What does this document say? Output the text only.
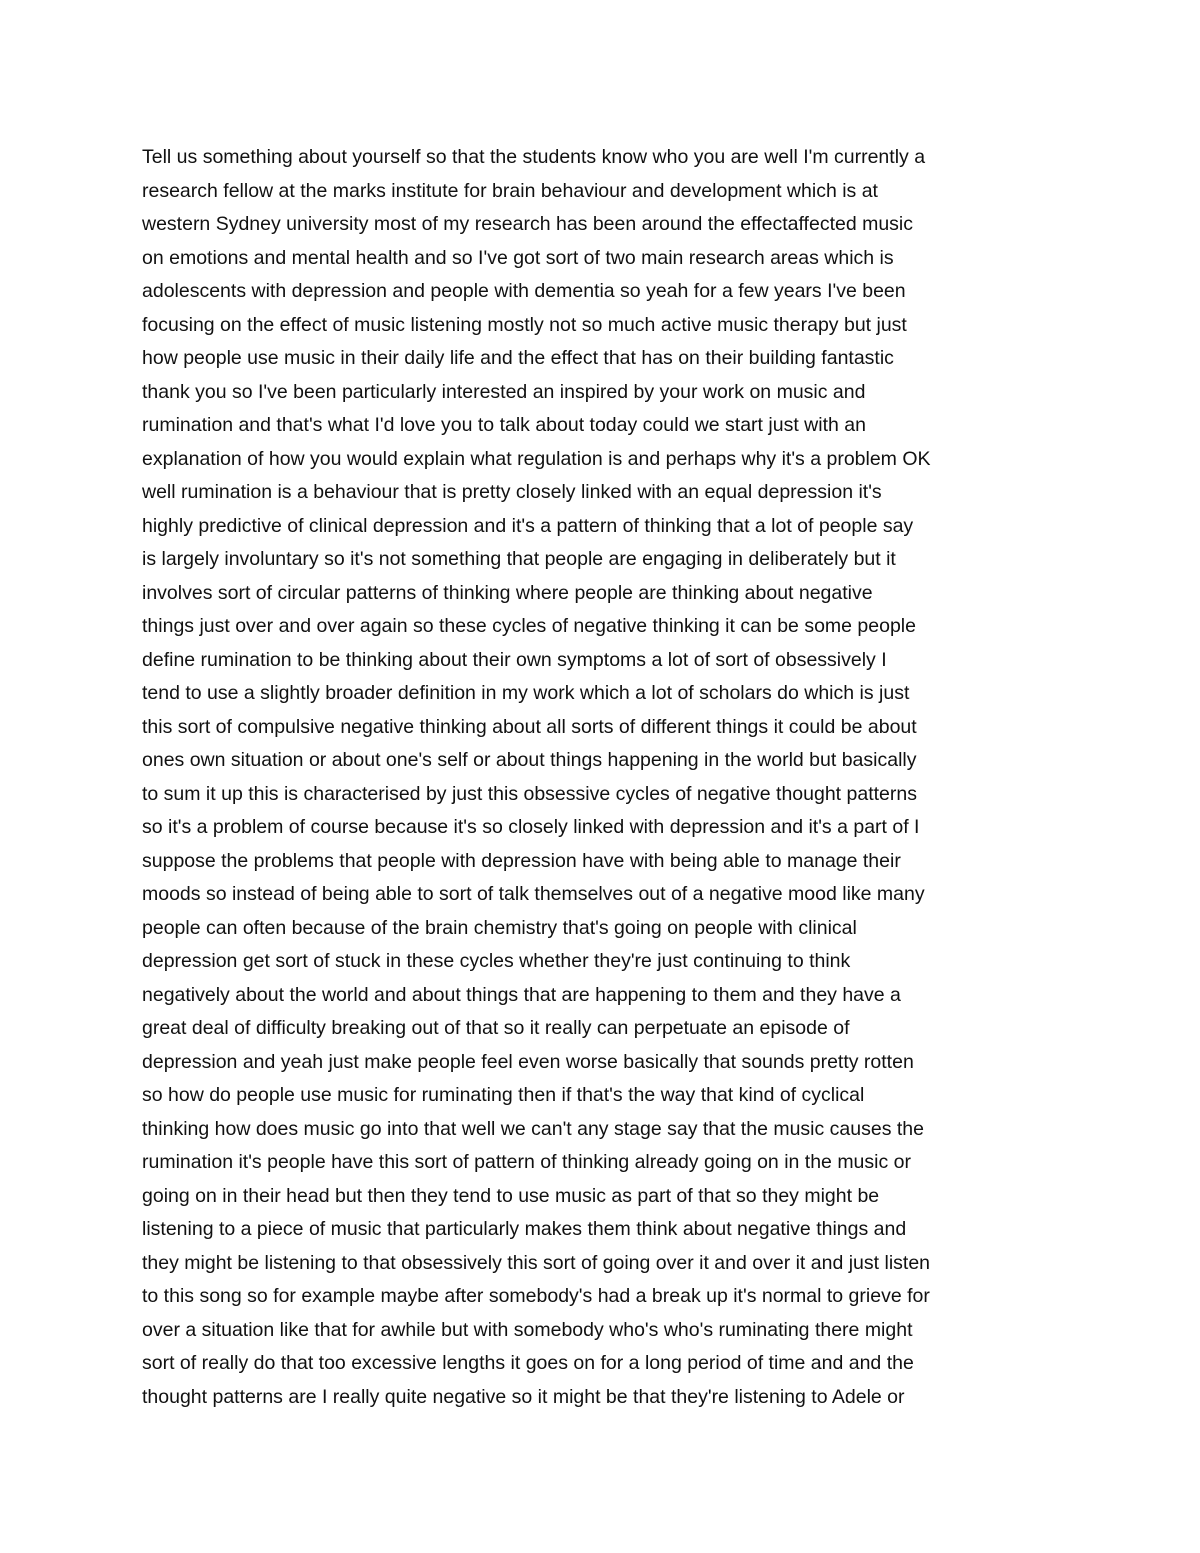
Tell us something about yourself so that the students know who you are well I'm currently a
research fellow at the marks institute for brain behaviour and development which is at
western Sydney university most of my research has been around the effectaffected music
on emotions and mental health and so I've got sort of two main research areas which is
adolescents with depression and people with dementia so yeah for a few years I've been
focusing on the effect of music listening mostly not so much active music therapy but just
how people use music in their daily life and the effect that has on their building fantastic
thank you so I've been particularly interested an inspired by your work on music and
rumination and that's what I'd love you to talk about today could we start just with an
explanation of how you would explain what regulation is and perhaps why it's a problem OK
well rumination is a behaviour that is pretty closely linked with an equal depression it's
highly predictive of clinical depression and it's a pattern of thinking that a lot of people say
is largely involuntary so it's not something that people are engaging in deliberately but it
involves sort of circular patterns of thinking where people are thinking about negative
things just over and over again so these cycles of negative thinking it can be some people
define rumination to be thinking about their own symptoms a lot of sort of obsessively I
tend to use a slightly broader definition in my work which a lot of scholars do which is just
this sort of compulsive negative thinking about all sorts of different things it could be about
ones own situation or about one's self or about things happening in the world but basically
to sum it up this is characterised by just this obsessive cycles of negative thought patterns
so it's a problem of course because it's so closely linked with depression and it's a part of I
suppose the problems that people with depression have with being able to manage their
moods so instead of being able to sort of talk themselves out of a negative mood like many
people can often because of the brain chemistry that's going on people with clinical
depression get sort of stuck in these cycles whether they're just continuing to think
negatively about the world and about things that are happening to them and they have a
great deal of difficulty breaking out of that so it really can perpetuate an episode of
depression and yeah just make people feel even worse basically that sounds pretty rotten
so how do people use music for ruminating then if that's the way that kind of cyclical
thinking how does music go into that well we can't any stage say that the music causes the
rumination it's people have this sort of pattern of thinking already going on in the music or
going on in their head but then they tend to use music as part of that so they might be
listening to a piece of music that particularly makes them think about negative things and
they might be listening to that obsessively this sort of going over it and over it and just listen
to this song so for example maybe after somebody's had a break up it's normal to grieve for
over a situation like that for awhile but with somebody who's who's ruminating there might
sort of really do that too excessive lengths it goes on for a long period of time and and the
thought patterns are I really quite negative so it might be that they're listening to Adele or
